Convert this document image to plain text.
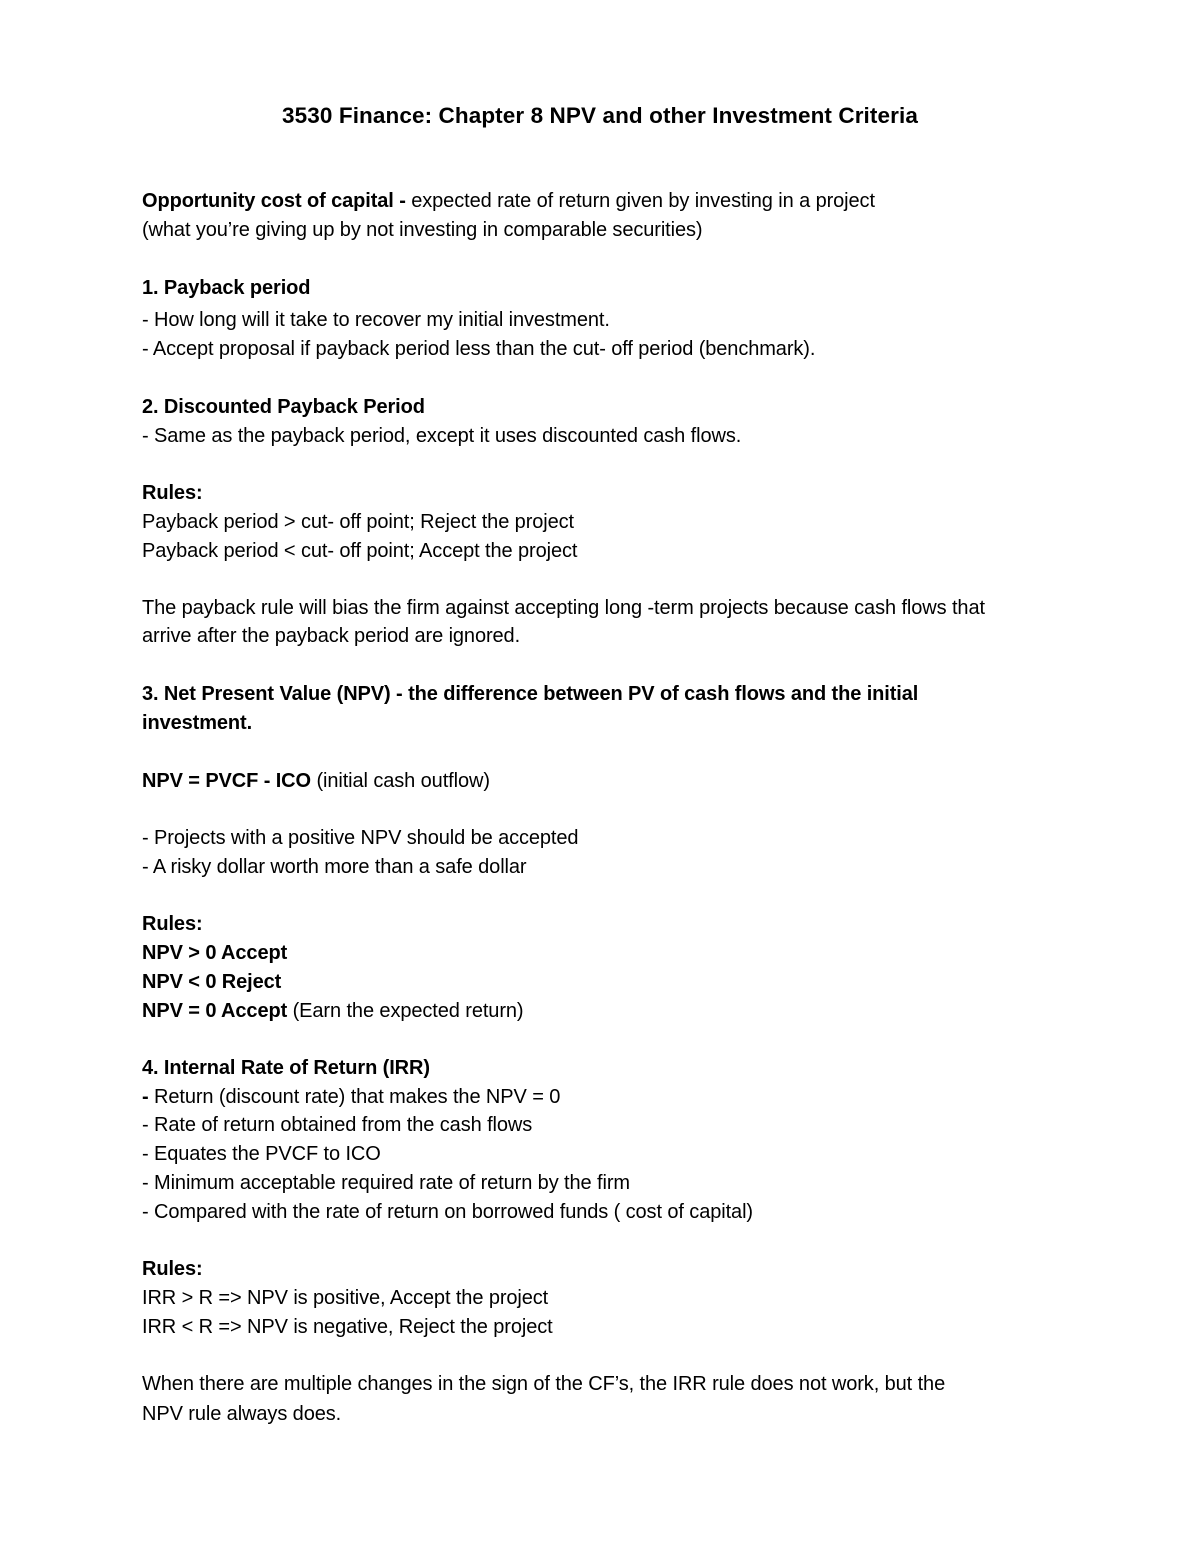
3530 Finance: Chapter 8 NPV and other Investment Criteria
Opportunity cost of capital - expected rate of return given by investing in a project
(what you’re giving up by not investing in comparable securities)
1. Payback period
- How long will it take to recover my initial investment.
- Accept proposal if payback period less than the cut- off period (benchmark).
2. Discounted Payback Period
- Same as the payback period, except it uses discounted cash flows.
Rules:
Payback period > cut- off point; Reject the project
Payback period < cut- off point; Accept the project
The payback rule will bias the firm against accepting long -term projects because cash flows that
arrive after the payback period are ignored.
3. Net Present Value (NPV) - the difference between PV of cash flows and the initial
investment.
NPV = PVCF - ICO (initial cash outflow)
- Projects with a positive NPV should be accepted
- A risky dollar worth more than a safe dollar
Rules:
NPV > 0 Accept
NPV < 0 Reject
NPV = 0 Accept (Earn the expected return)
4. Internal Rate of Return (IRR)
- Return (discount rate) that makes the NPV = 0
- Rate of return obtained from the cash flows
- Equates the PVCF to ICO
- Minimum acceptable required rate of return by the firm
- Compared with the rate of return on borrowed funds ( cost of capital)
Rules:
IRR > R => NPV is positive, Accept the project
IRR < R => NPV is negative, Reject the project
When there are multiple changes in the sign of the CF’s, the IRR rule does not work, but the
NPV rule always does.
